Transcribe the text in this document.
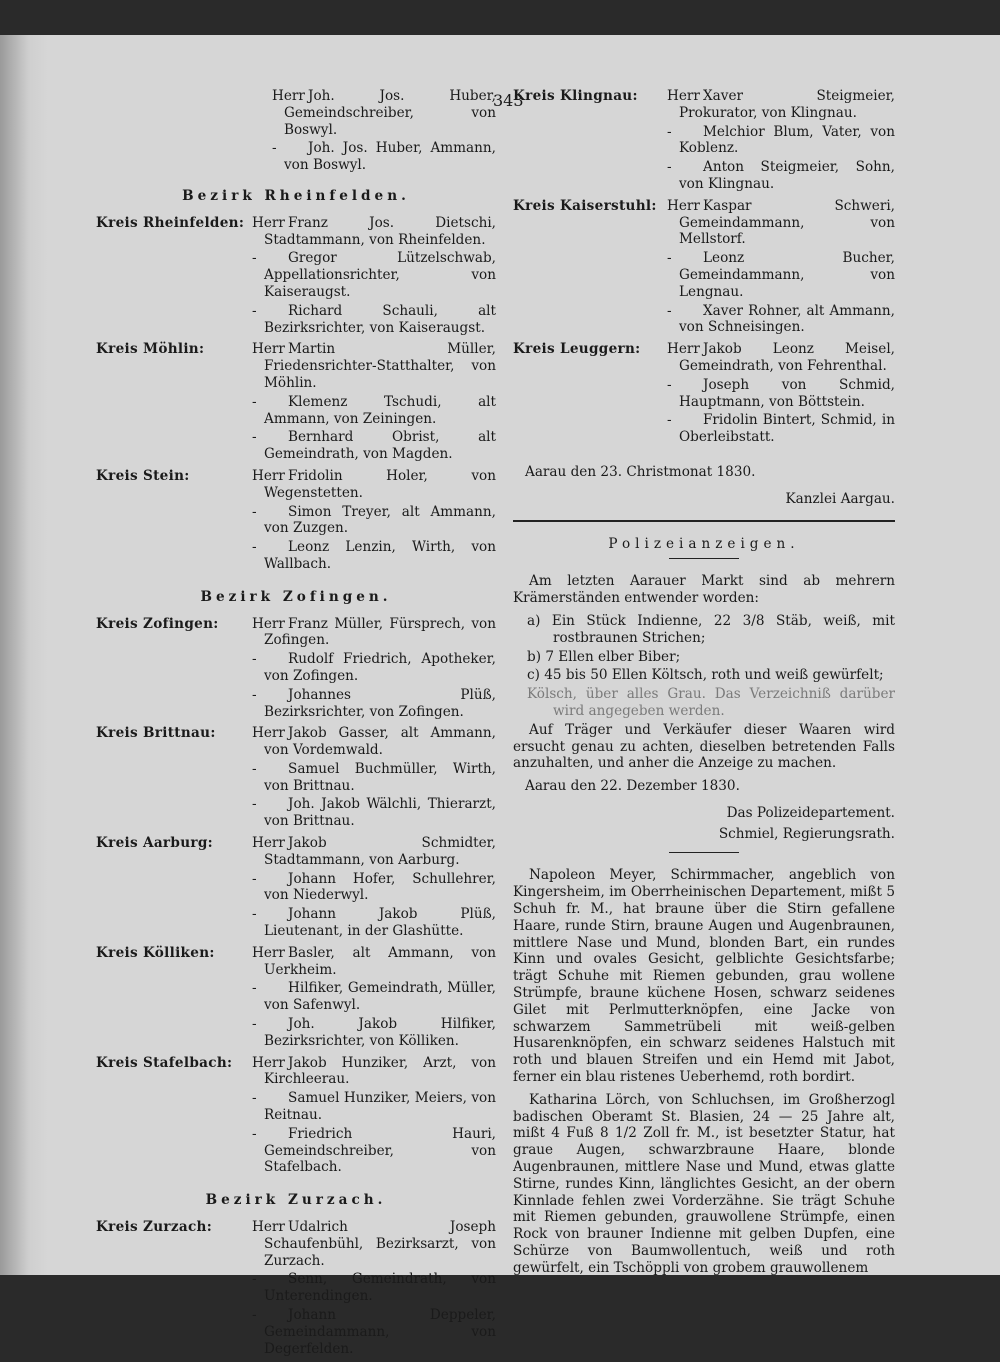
343
Herr Joh. Jos. Huber, Gemeindschreiber, von Boswyl.
- Joh. Jos. Huber, Ammann, von Boswyl.
Bezirk Rheinfelden.
Kreis Rheinfelden: Herr Franz Jos. Dietschi, Stadtammann, von Rheinfelden.
- Gregor Lützelschwab, Appellationsrichter, von Kaiseraugst.
- Richard Schauli, alt Bezirksrichter, von Kaiseraugst.
Kreis Möhlin:	Herr Martin Müller, Friedensrichter-Statthalter, von Möhlin.
- Klemenz Tschudi, alt Ammann, von Zeiningen.
- Bernhard Obrist, alt Gemeindrath, von Magden.
Kreis Stein:	Herr Fridolin Holer, von Wegenstetten.
- Simon Treyer, alt Ammann, von Zuzgen.
- Leonz Lenzin, Wirth, von Wallbach.
Bezirk Zofingen.
Kreis Zofingen:	Herr Franz Müller, Fürsprech, von Zofingen.
- Rudolf Friedrich, Apotheker, von Zofingen.
- Johannes Plüß, Bezirksrichter, von Zofingen.
Kreis Brittnau:	Herr Jakob Gasser, alt Ammann, von Vordemwald.
- Samuel Buchmüller, Wirth, von Brittnau.
- Joh. Jakob Wälchli, Thierarzt, von Brittnau.
Kreis Aarburg:	Herr Jakob Schmidter, Stadtammann, von Aarburg.
- Johann Hofer, Schullehrer, von Niederwyl.
- Johann Jakob Plüß, Lieutenant, in der Glashütte.
Kreis Kölliken:	Herr Basler, alt Ammann, von Uerkheim.
- Hilfiker, Gemeindrath, Müller, von Safenwyl.
- Joh. Jakob Hilfiker, Bezirksrichter, von Kölliken.
Kreis Stafelbach:	Herr Jakob Hunziker, Arzt, von Kirchleerau.
- Samuel Hunziker, Meiers, von Reitnau.
- Friedrich Hauri, Gemeindschreiber, von Stafelbach.
Bezirk Zurzach.
Kreis Zurzach:	Herr Udalrich Joseph Schaufenbühl, Bezirksarzt, von Zurzach.
- Senn, Gemeindrath, von Unterendingen.
- Johann Deppeler, Gemeindammann, von Degerfelden.
Kreis Klingnau:	Herr Xaver Steigmeier, Prokurator, von Klingnau.
- Melchior Blum, Vater, von Koblenz.
- Anton Steigmeier, Sohn, von Klingnau.
Kreis Kaiserstuhl: Herr Kaspar Schweri, Gemeindammann, von Mellstorf.
- Leonz Bucher, Gemeindammann, von Lengnau.
- Xaver Rohner, alt Ammann, von Schneisingen.
Kreis Leuggern:	Herr Jakob Leonz Meisel, Gemeindrath, von Fehrenthal.
- Joseph von Schmid, Hauptmann, von Böttstein.
- Fridolin Bintert, Schmid, in Oberleibstatt.
Aarau den 23. Christmonat 1830.
Kanzlei Aargau.
Polizeianzeigen.

Am letzten Aarauer Markt sind ab mehrern Krämerständen entwender worden:

a) Ein Stück Indienne, 22 3/8 Stäb, weiß, mit rostbraunen Strichen;
b) 7 Ellen elber Biber;
c) 45 bis 50 Ellen Költsch, roth und weiß gewürfelt;
Kölsch, über alles Grau. Das Verzeichniß darüber wird angegeben werden.

Auf Träger und Verkäufer dieser Waaren wird ersucht genau zu achten, dieselben betretenden Falls anzuhalten, und anher die Anzeige zu machen.

Aarau den 22. Dezember 1830.
Das Polizeidepartement.
Schmiel, Regierungsrath.

Napoleon Meyer, Schirmmacher, angeblich von Kingersheim, im Oberrheinischen Departement, mißt 5 Schuh fr. M., hat braune über die Stirn gefallene Haare, runde Stirn, braune Augen und Augenbraunen, mittlere Nase und Mund, blonden Bart, ein rundes Kinn und ovales Gesicht, gelblichte Gesichtsfarbe; trägt Schuhe mit Riemen gebunden, grau wollene Strümpfe, braune küchene Hosen, schwarz seidenes Gilet mit Perlmutterknöpfen, eine Jacke von schwarzem Sammetrübeli mit weiß-gelben Husarenknöpfen, ein schwarz seidenes Halstuch mit roth und blauen Streifen und ein Hemd mit Jabot, ferner ein blau ristenes Ueberhemd, roth bordirt.

Katharina Lörch, von Schluchsen, im Großherzogl badischen Oberamt St. Blasien, 24 — 25 Jahre alt, mißt 4 Fuß 8 1/2 Zoll fr. M., ist besetzter Statur, hat graue Augen, schwarzbraune Haare, blonde Augenbraunen, mittlere Nase und Mund, etwas glatte Stirne, rundes Kinn, länglichtes Gesicht, an der obern Kinnlade fehlen zwei Vorderzähne. Sie trägt Schuhe mit Riemen gebunden, grauwollene Strümpfe, einen Rock von brauner Indienne mit gelben Dupfen, eine Schürze von Baumwollentuch, weiß und roth gewürfelt, ein Tschöppli von grobem grauwollenem
